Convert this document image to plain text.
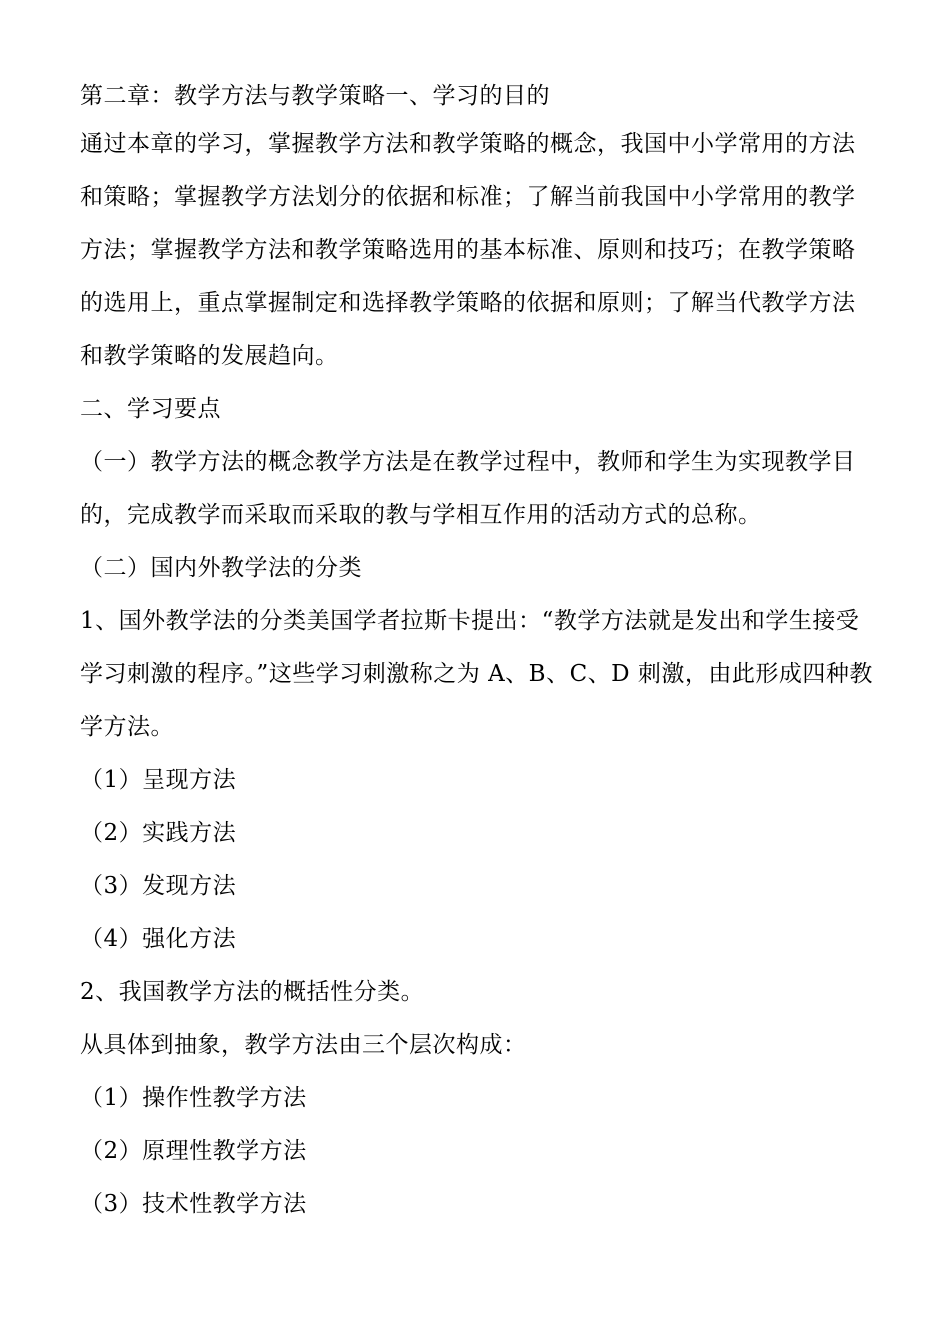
第二章：教学方法与教学策略一、学习的目的
通过本章的学习，掌握教学方法和教学策略的概念，我国中小学常用的方法
和策略；掌握教学方法划分的依据和标准；了解当前我国中小学常用的教学
方法；掌握教学方法和教学策略选用的基本标准、原则和技巧；在教学策略
的选用上，重点掌握制定和选择教学策略的依据和原则；了解当代教学方法
和教学策略的发展趋向。
二、学习要点
（一）教学方法的概念教学方法是在教学过程中，教师和学生为实现教学目
的，完成教学而采取而采取的教与学相互作用的活动方式的总称。
（二）国内外教学法的分类
1、国外教学法的分类美国学者拉斯卡提出：“教学方法就是发出和学生接受
学习刺激的程序。”这些学习刺激称之为 A、B、C、D 刺激，由此形成四种教
学方法。
（1）呈现方法
（2）实践方法
（3）发现方法
（4）强化方法
2、我国教学方法的概括性分类。
从具体到抽象，教学方法由三个层次构成：
（1）操作性教学方法
（2）原理性教学方法
（3）技术性教学方法
